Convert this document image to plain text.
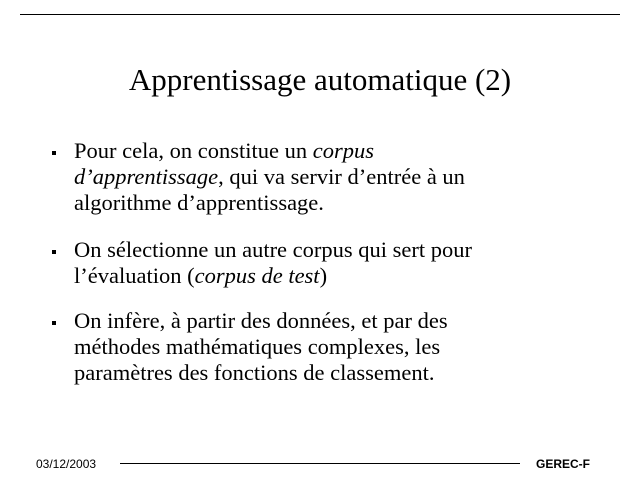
Apprentissage automatique (2)
Pour cela, on constitue un corpus
d’apprentissage, qui va servir d’entrée à un
algorithme d’apprentissage.
On sélectionne un autre corpus qui sert pour
l’évaluation (corpus de test)
On infère, à partir des données, et par des
méthodes mathématiques complexes, les
paramètres des fonctions de classement.
03/12/2003	GEREC-F
